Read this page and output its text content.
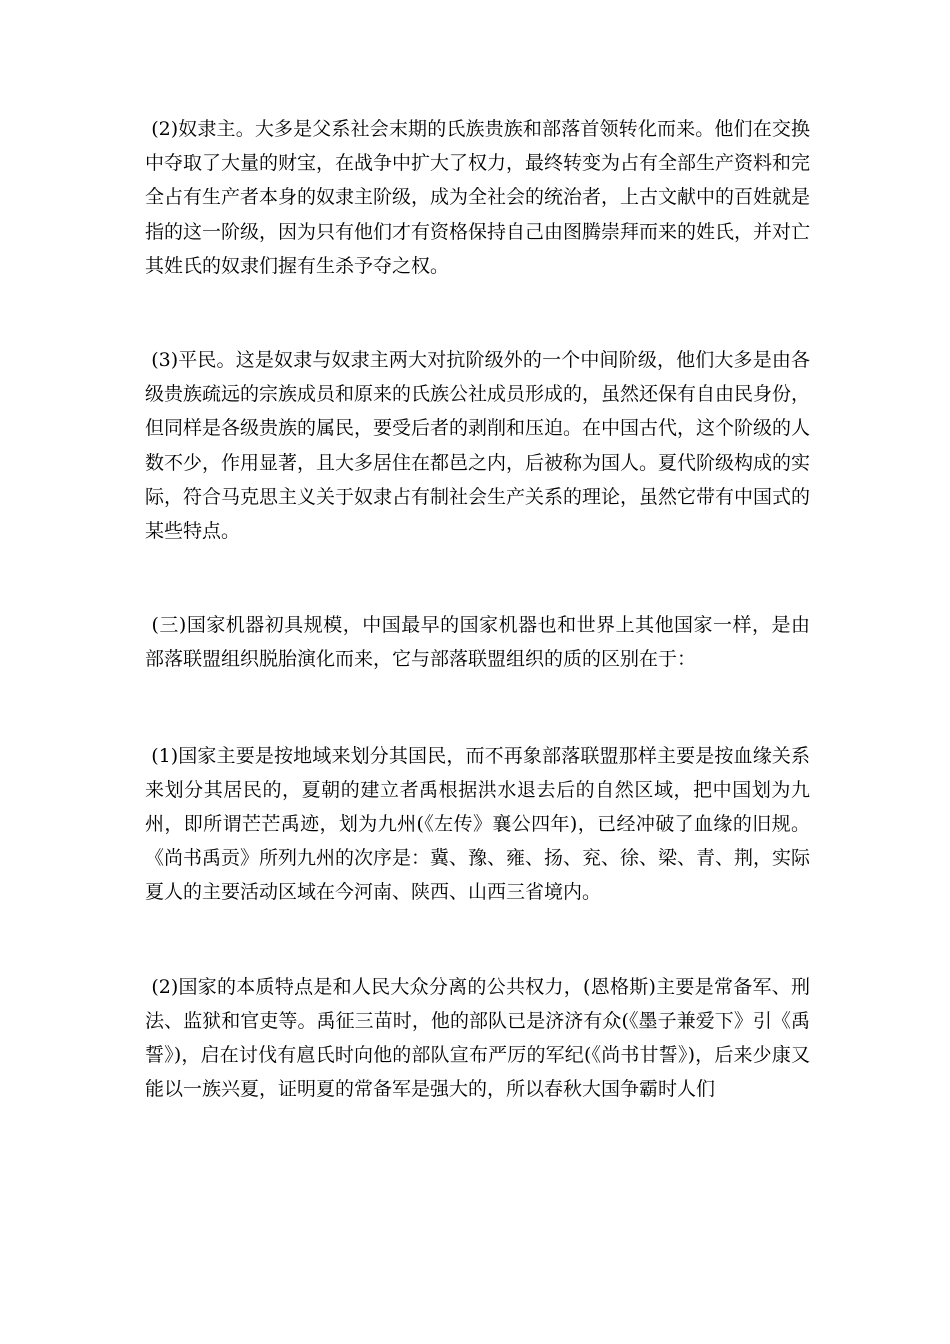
(2)奴隶主。大多是父系社会末期的氏族贵族和部落首领转化而来。他们在交换中夺取了大量的财宝，在战争中扩大了权力，最终转变为占有全部生产资料和完全占有生产者本身的奴隶主阶级，成为全社会的统治者，上古文献中的百姓就是指的这一阶级，因为只有他们才有资格保持自己由图腾崇拜而来的姓氏，并对亡其姓氏的奴隶们握有生杀予夺之权。

(3)平民。这是奴隶与奴隶主两大对抗阶级外的一个中间阶级，他们大多是由各级贵族疏远的宗族成员和原来的氏族公社成员形成的，虽然还保有自由民身份，但同样是各级贵族的属民，要受后者的剥削和压迫。在中国古代，这个阶级的人数不少，作用显著，且大多居住在都邑之内，后被称为国人。夏代阶级构成的实际，符合马克思主义关于奴隶占有制社会生产关系的理论，虽然它带有中国式的某些特点。

(三)国家机器初具规模，中国最早的国家机器也和世界上其他国家一样，是由部落联盟组织脱胎演化而来，它与部落联盟组织的质的区别在于：

(1)国家主要是按地域来划分其国民，而不再象部落联盟那样主要是按血缘关系来划分其居民的，夏朝的建立者禹根据洪水退去后的自然区域，把中国划为九州，即所谓芒芒禹迹，划为九州(《左传》襄公四年)，已经冲破了血缘的旧规。《尚书禹贡》所列九州的次序是：冀、豫、雍、扬、兖、徐、梁、青、荆，实际夏人的主要活动区域在今河南、陕西、山西三省境内。

(2)国家的本质特点是和人民大众分离的公共权力，(恩格斯)主要是常备军、刑法、监狱和官吏等。禹征三苗时，他的部队已是济济有众(《墨子兼爱下》引《禹誓》)，启在讨伐有扈氏时向他的部队宣布严厉的军纪(《尚书甘誓》)，后来少康又能以一族兴夏，证明夏的常备军是强大的，所以春秋大国争霸时人们
